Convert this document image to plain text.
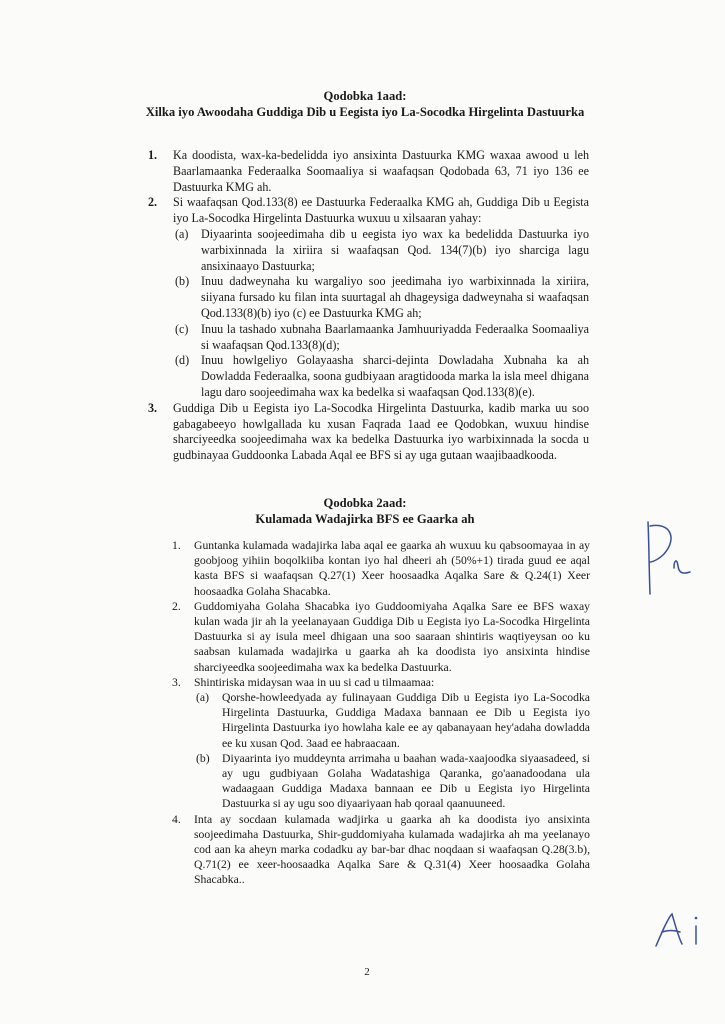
Qodobka 1aad:
Xilka iyo Awoodaha Guddiga Dib u Eegista iyo La-Socodka Hirgelinta Dastuurka
1.	Ka doodista, wax-ka-bedelidda iyo ansixinta Dastuurka KMG waxaa awood u leh Baarlamaanka Federaalka Soomaaliya si waafaqsan Qodobada 63, 71 iyo 136 ee Dastuurka KMG ah.
2.	Si waafaqsan Qod.133(8) ee Dastuurka Federaalka KMG ah, Guddiga Dib u Eegista iyo La-Socodka Hirgelinta Dastuurka wuxuu u xilsaaran yahay:
(a)	Diyaarinta soojeedimaha dib u eegista iyo wax ka bedelidda Dastuurka iyo warbixinnada la xiriira si waafaqsan Qod. 134(7)(b) iyo sharciga lagu ansixinaayo Dastuurka;
(b) Inuu dadweynaha ku wargaliyo soo jeedimaha iyo warbixinnada la xiriira, siiyana fursado ku filan inta suurtagal ah dhageysiga dadweynaha si waafaqsan Qod.133(8)(b) iyo (c) ee Dastuurka KMG ah;
(c)	Inuu la tashado xubnaha Baarlamaanka Jamhuuriyadda Federaalka Soomaaliya si waafaqsan Qod.133(8)(d);
(d) Inuu howlgeliyo Golayaasha sharci-dejinta Dowladaha Xubnaha ka ah Dowladda Federaalka, soona gudbiyaan aragtidooda marka la isla meel dhigana lagu daro soojeedimaha wax ka bedelka si waafaqsan Qod.133(8)(e).
3.	Guddiga Dib u Eegista iyo La-Socodka Hirgelinta Dastuurka, kadib marka uu soo gabagabeeyo howlgallada ku xusan Faqrada 1aad ee Qodobkan, wuxuu hindise sharciyeedka soojeedimaha wax ka bedelka Dastuurka iyo warbixinnada la socda u gudbinayaa Guddoonka Labada Aqal ee BFS si ay uga gutaan waajibaadkooda.
Qodobka 2aad:
Kulamada Wadajirka BFS ee Gaarka ah
1.	Guntanka kulamada wadajirka laba aqal ee gaarka ah wuxuu ku qabsoomayaa in ay goobjoog yihiin boqolkiiba kontan iyo hal dheeri ah (50%+1) tirada guud ee aqal kasta BFS si waafaqsan Q.27(1) Xeer hoosaadka Aqalka Sare & Q.24(1) Xeer hoosaadka Golaha Shacabka.
2.	Guddomiyaha Golaha Shacabka iyo Guddoomiyaha Aqalka Sare ee BFS waxay kulan wada jir ah la yeelanayaan Guddiga Dib u Eegista iyo La-Socodka Hirgelinta Dastuurka si ay isula meel dhigaan una soo saaraan shintiris waqtiyeysan oo ku saabsan kulamada wadajirka u gaarka ah ka doodista iyo ansixinta hindise sharciyeedka soojeedimaha wax ka bedelka Dastuurka.
3.	Shintiriska midaysan waa in uu si cad u tilmaamaa:
(a)	Qorshe-howleedyada ay fulinayaan Guddiga Dib u Eegista iyo La-Socodka Hirgelinta Dastuurka, Guddiga Madaxa bannaan ee Dib u Eegista iyo Hirgelinta Dastuurka iyo howlaha kale ee ay qabanayaan hey'adaha dowladda ee ku xusan Qod. 3aad ee habraacaan.
(b)	Diyaarinta iyo muddeynta arrimaha u baahan wada-xaajoodka siyaasadeed, si ay ugu gudbiyaan Golaha Wadatashiga Qaranka, go'aanadoodana ula wadaagaan Guddiga Madaxa bannaan ee Dib u Eegista iyo Hirgelinta Dastuurka si ay ugu soo diyaariyaan hab qoraal qaanuuneed.
4.	Inta ay socdaan kulamada wadjirka u gaarka ah ka doodista iyo ansixinta soojeedimaha Dastuurka, Shir-guddomiyaha kulamada wadajirka ah ma yeelanayo cod aan ka aheyn marka codadku ay bar-bar dhac noqdaan si waafaqsan Q.28(3.b), Q.71(2) ee xeer-hoosaadka Aqalka Sare & Q.31(4) Xeer hoosaadka Golaha Shacabka..
2
